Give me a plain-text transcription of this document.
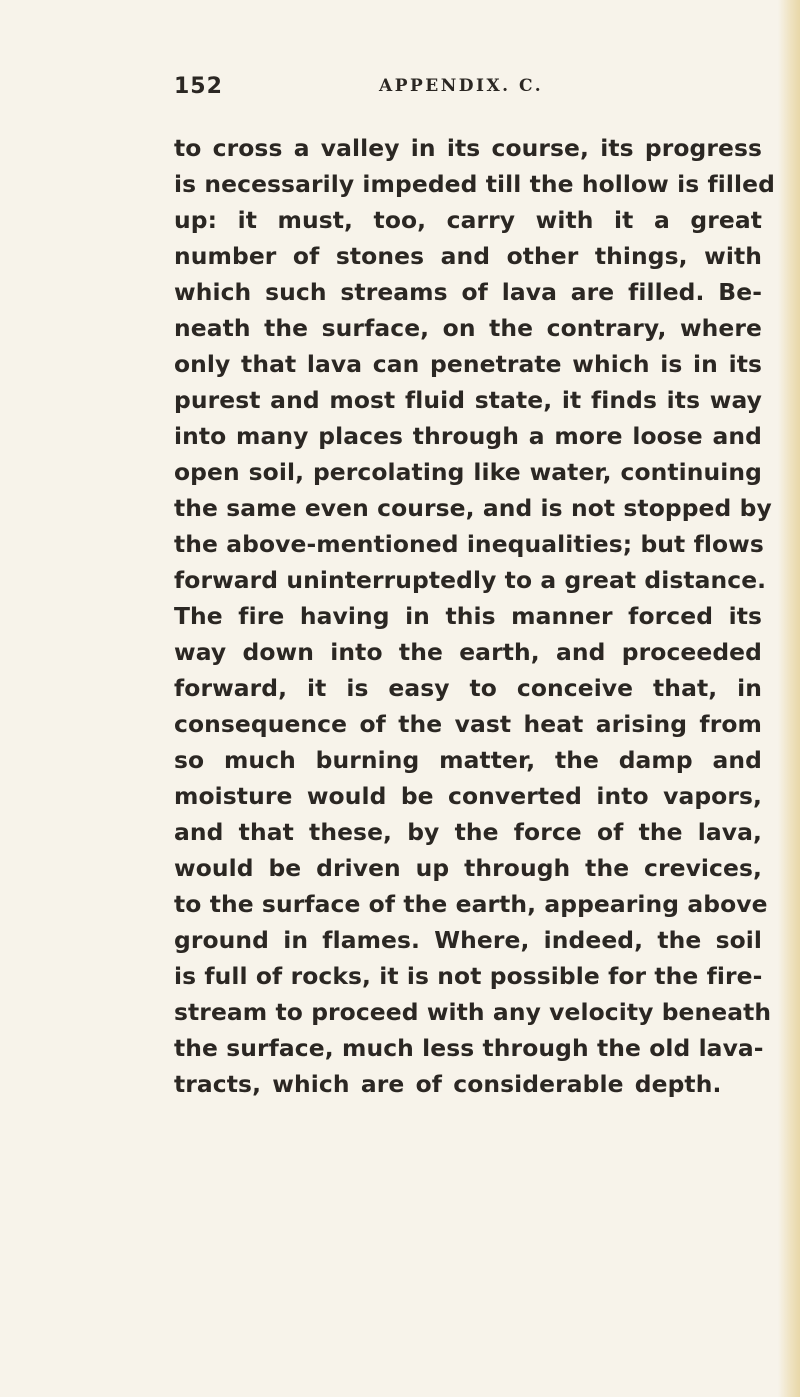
152	APPENDIX. C.
to cross a valley in its course, its progress
is necessarily impeded till the hollow is filled
up: it must, too, carry with it a great
number of stones and other things, with
which such streams of lava are filled. Be-
neath the surface, on the contrary, where
only that lava can penetrate which is in its
purest and most fluid state, it finds its way
into many places through a more loose and
open soil, percolating like water, continuing
the same even course, and is not stopped by
the above-mentioned inequalities; but flows
forward uninterruptedly to a great distance.
The fire having in this manner forced its
way down into the earth, and proceeded
forward, it is easy to conceive that, in
consequence of the vast heat arising from
so much burning matter, the damp and
moisture would be converted into vapors,
and that these, by the force of the lava,
would be driven up through the crevices,
to the surface of the earth, appearing above
ground in flames. Where, indeed, the soil
is full of rocks, it is not possible for the fire-
stream to proceed with any velocity beneath
the surface, much less through the old lava-
tracts, which are of considerable depth.
